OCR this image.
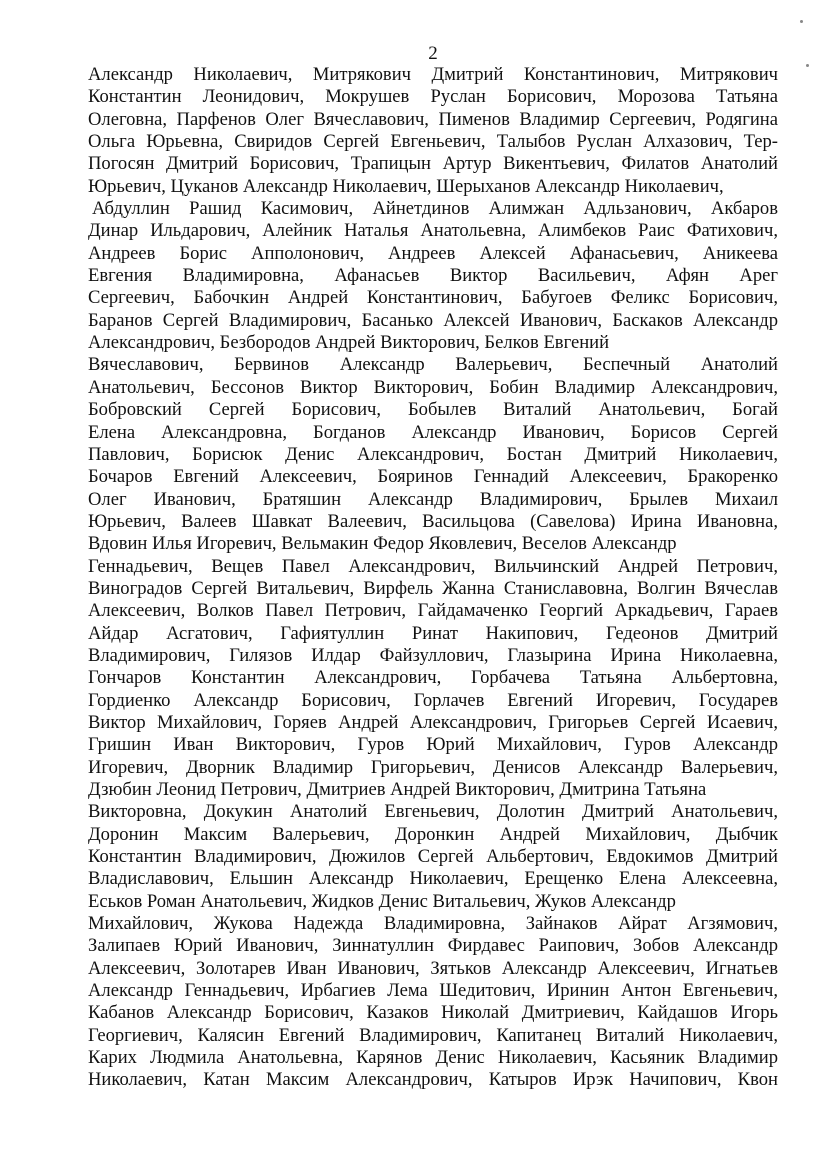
2
Александр Николаевич, Митрякович Дмитрий Константинович, Митрякович
Константин Леонидович, Мокрушев Руслан Борисович, Морозова Татьяна
Олеговна, Парфенов Олег Вячеславович, Пименов Владимир Сергеевич, Родягина
Ольга Юрьевна, Свиридов Сергей Евгеньевич, Талыбов Руслан Алхазович, Тер-
Погосян Дмитрий Борисович, Трапицын Артур Викентьевич, Филатов Анатолий
Юрьевич, Цуканов Александр Николаевич, Шерыханов Александр Николаевич,
Абдуллин Рашид Касимович, Айнетдинов Алимжан Адльзанович, Акбаров
Динар Ильдарович, Алейник Наталья Анатольевна, Алимбеков Раис Фатихович,
Андреев Борис Апполонович, Андреев Алексей Афанасьевич, Аникеева
Евгения Владимировна, Афанасьев Виктор Васильевич, Афян Арег
Сергеевич, Бабочкин Андрей Константинович, Бабугоев Феликс Борисович,
Баранов Сергей Владимирович, Басанько Алексей Иванович, Баскаков Александр
Александрович, Безбородов Андрей Викторович, Белков Евгений
Вячеславович, Бервинов Александр Валерьевич, Беспечный Анатолий
Анатольевич, Бессонов Виктор Викторович, Бобин Владимир Александрович,
Бобровский Сергей Борисович, Бобылев Виталий Анатольевич, Богай
Елена Александровна, Богданов Александр Иванович, Борисов Сергей
Павлович, Борисюк Денис Александрович, Бостан Дмитрий Николаевич,
Бочаров Евгений Алексеевич, Бояринов Геннадий Алексеевич, Бракоренко
Олег Иванович, Братяшин Александр Владимирович, Брылев Михаил
Юрьевич, Валеев Шавкат Валеевич, Васильцова (Савелова) Ирина Ивановна,
Вдовин Илья Игоревич, Вельмакин Федор Яковлевич, Веселов Александр
Геннадьевич, Вещев Павел Александрович, Вильчинский Андрей Петрович,
Виноградов Сергей Витальевич, Вирфель Жанна Станиславовна, Волгин Вячеслав
Алексеевич, Волков Павел Петрович, Гайдамаченко Георгий Аркадьевич, Гараев
Айдар Асгатович, Гафиятуллин Ринат Накипович, Гедеонов Дмитрий
Владимирович, Гилязов Илдар Файзуллович, Глазырина Ирина Николаевна,
Гончаров Константин Александрович, Горбачева Татьяна Альбертовна,
Гордиенко Александр Борисович, Горлачев Евгений Игоревич, Государев
Виктор Михайлович, Горяев Андрей Александрович, Григорьев Сергей Исаевич,
Гришин Иван Викторович, Гуров Юрий Михайлович, Гуров Александр
Игоревич, Дворник Владимир Григорьевич, Денисов Александр Валерьевич,
Дзюбин Леонид Петрович, Дмитриев Андрей Викторович, Дмитрина Татьяна
Викторовна, Докукин Анатолий Евгеньевич, Долотин Дмитрий Анатольевич,
Доронин Максим Валерьевич, Доронкин Андрей Михайлович, Дыбчик
Константин Владимирович, Дюжилов Сергей Альбертович, Евдокимов Дмитрий
Владиславович, Ельшин Александр Николаевич, Ерещенко Елена Алексеевна,
Еськов Роман Анатольевич, Жидков Денис Витальевич, Жуков Александр
Михайлович, Жукова Надежда Владимировна, Зайнаков Айрат Агзямович,
Залипаев Юрий Иванович, Зиннатуллин Фирдавес Раипович, Зобов Александр
Алексеевич, Золотарев Иван Иванович, Зятьков Александр Алексеевич, Игнатьев
Александр Геннадьевич, Ирбагиев Лема Шедитович, Иринин Антон Евгеньевич,
Кабанов Александр Борисович, Казаков Николай Дмитриевич, Кайдашов Игорь
Георгиевич, Калясин Евгений Владимирович, Капитанец Виталий Николаевич,
Карих Людмила Анатольевна, Карянов Денис Николаевич, Касьяник Владимир
Николаевич, Катан Максим Александрович, Катыров Ирэк Начипович, Квон
